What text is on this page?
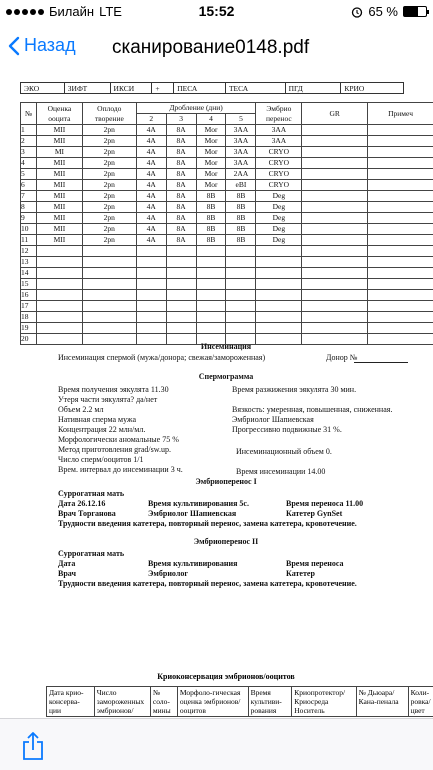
Билайн LTE	15:52	65 %
Назад сканирование0148.pdf
ЭКО	ЗИФТ	ИКСИ	+	ПЕСА	ТЕСА	ПГД	КРИО
№	Оценка ооцита	Оплодо творение	Дробление (дни)				Эмбрио перенос	GR	Примеч
			2	3	4	5			
1	MII	2pn	4A	8A	Mor	3AA	3AA		
2	MII	2pn	4A	8A	Mor	3AA	3AA		
3	MI	2pn	4A	8A	Mor	3AA	CRYO		
4	MII	2pn	4A	8A	Mor	3AA	CRYO		
5	MII	2pn	4A	8A	Mor	2AA	CRYO		
6	MII	2pn	4A	8A	Mor	eBI	CRYO		
7	MII	2pn	4A	8A	8B	8B	Deg		
8	MII	2pn	4A	8A	8B	8B	Deg		
9	MII	2pn	4A	8A	8B	8B	Deg		
10	MII	2pn	4A	8A	8B	8B	Deg		
11	MII	2pn	4A	8A	8B	8B	Deg		
12									
13									
14									
15									
16									
17									
18									
19									
20									
Инсеминация
Инсеминация спермой (мужа/донора; свежая/замороженная)	Донор №
Спермограмма
Время получения эякулята 11.30	Время разжижения эякулята 30 мин.
Утеря части эякулята? да/нет
Объем 2.2 мл	Вязкость: умеренная, повышенная, сниженная.
Нативная сперма мужа	Эмбриолог Шапиевская
Концентрация 22 млн/мл.	Прогрессивно подвижные 31 %.
Морфологически аномальные 75 %
Метод приготовления grad/sw.up.	Инсеминационный объем 0.
Число сперм/ооцитов 1/1
Врем. интервал до инсеминации 3 ч.	Время инсеминации 14.00
Эмбриоперенос I
Суррогатная мать
Дата 26.12.16	Время культивирования 5с.	Время переноса 11.00
Врач Торганова	Эмбриолог Шапиевская	Катетер GynSet
Трудности введения катетера, повторный перенос, замена катетера, кровотечение.
Эмбриоперенос II
Суррогатная мать
Дата	Время культивирования	Время переноса
Врач	Эмбриолог	Катетер
Трудности введения катетера, повторный перенос, замена катетера, кровотечение.
Криоконсервация эмбрионов/ооцитов
Дата крио-консерва-ции	Число замороженных эмбрионов/	№ соло-мины	Морфоло-гическая оценка эмбрионов/ооцитов	Время культиви-рования	Криопротектор/ Криосреда Носитель	№ Дьюара/ Кана-пеналa	Коли-ровка/ цвет
